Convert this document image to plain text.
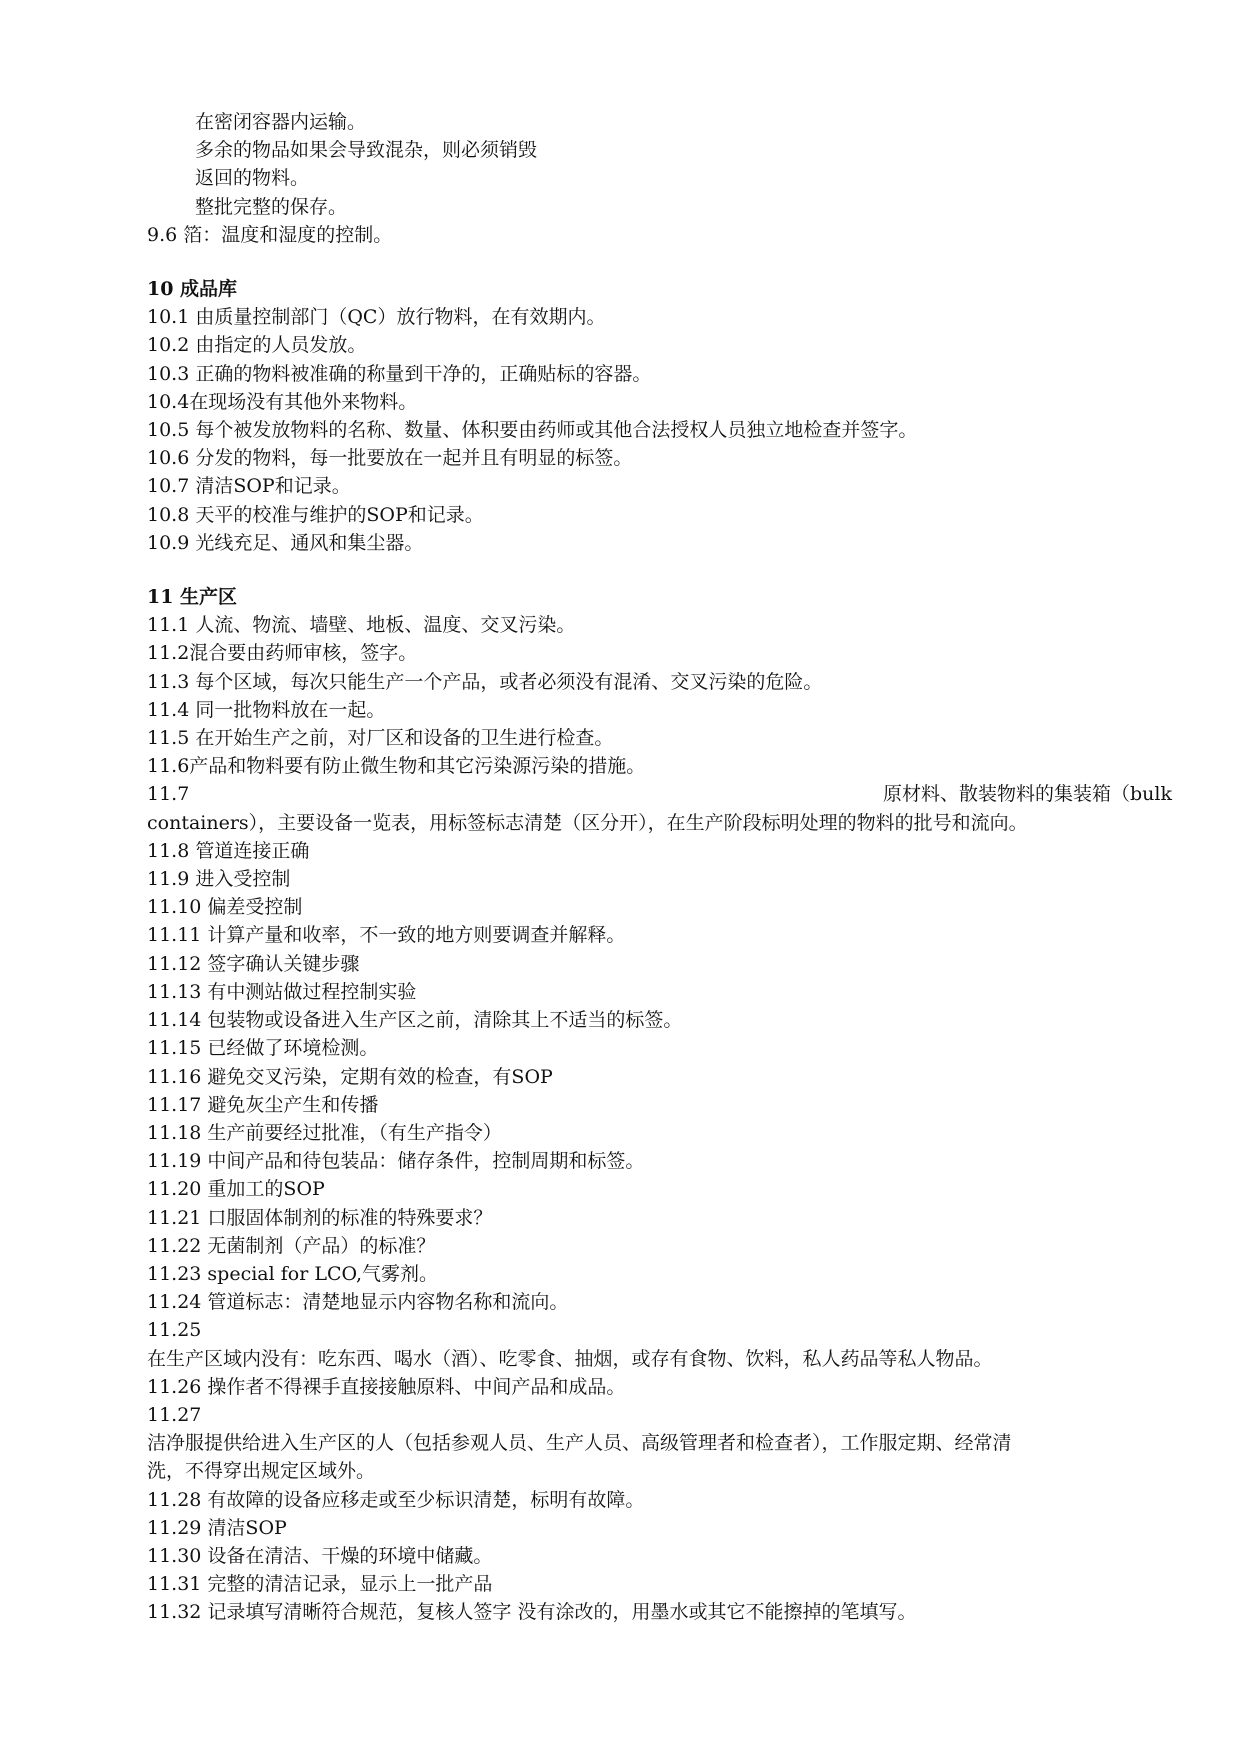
在密闭容器内运输。
多余的物品如果会导致混杂，则必须销毁
返回的物料。
整批完整的保存。
9.6 箔：温度和湿度的控制。
10 成品库
10.1 由质量控制部门（QC）放行物料，在有效期内。
10.2 由指定的人员发放。
10.3 正确的物料被准确的称量到干净的，正确贴标的容器。
10.4在现场没有其他外来物料。
10.5 每个被发放物料的名称、数量、体积要由药师或其他合法授权人员独立地检查并签字。
10.6 分发的物料，每一批要放在一起并且有明显的标签。
10.7 清洁SOP和记录。
10.8 天平的校准与维护的SOP和记录。
10.9 光线充足、通风和集尘器。
11 生产区
11.1 人流、物流、墙壁、地板、温度、交叉污染。
11.2混合要由药师审核，签字。
11.3 每个区域，每次只能生产一个产品，或者必须没有混淆、交叉污染的危险。
11.4 同一批物料放在一起。
11.5 在开始生产之前，对厂区和设备的卫生进行检查。
11.6产品和物料要有防止微生物和其它污染源污染的措施。
11.7	原材料、散装物料的集装箱（bulk
containers），主要设备一览表，用标签标志清楚（区分开），在生产阶段标明处理的物料的批号和流向。
11.8 管道连接正确
11.9 进入受控制
11.10 偏差受控制
11.11 计算产量和收率，不一致的地方则要调查并解释。
11.12 签字确认关键步骤
11.13 有中测站做过程控制实验
11.14 包装物或设备进入生产区之前，清除其上不适当的标签。
11.15 已经做了环境检测。
11.16 避免交叉污染，定期有效的检查，有SOP
11.17 避免灰尘产生和传播
11.18 生产前要经过批准，（有生产指令）
11.19 中间产品和待包装品：储存条件，控制周期和标签。
11.20 重加工的SOP
11.21 口服固体制剂的标准的特殊要求？
11.22 无菌制剂（产品）的标准？
11.23 special for LCO,气雾剂。
11.24 管道标志：清楚地显示内容物名称和流向。
11.25
在生产区域内没有：吃东西、喝水（酒）、吃零食、抽烟，或存有食物、饮料，私人药品等私人物品。
11.26 操作者不得裸手直接接触原料、中间产品和成品。
11.27
洁净服提供给进入生产区的人（包括参观人员、生产人员、高级管理者和检查者），工作服定期、经常清
洗，不得穿出规定区域外。
11.28 有故障的设备应移走或至少标识清楚，标明有故障。
11.29 清洁SOP
11.30 设备在清洁、干燥的环境中储藏。
11.31 完整的清洁记录，显示上一批产品
11.32 记录填写清晰符合规范，复核人签字 没有涂改的，用墨水或其它不能擦掉的笔填写。
